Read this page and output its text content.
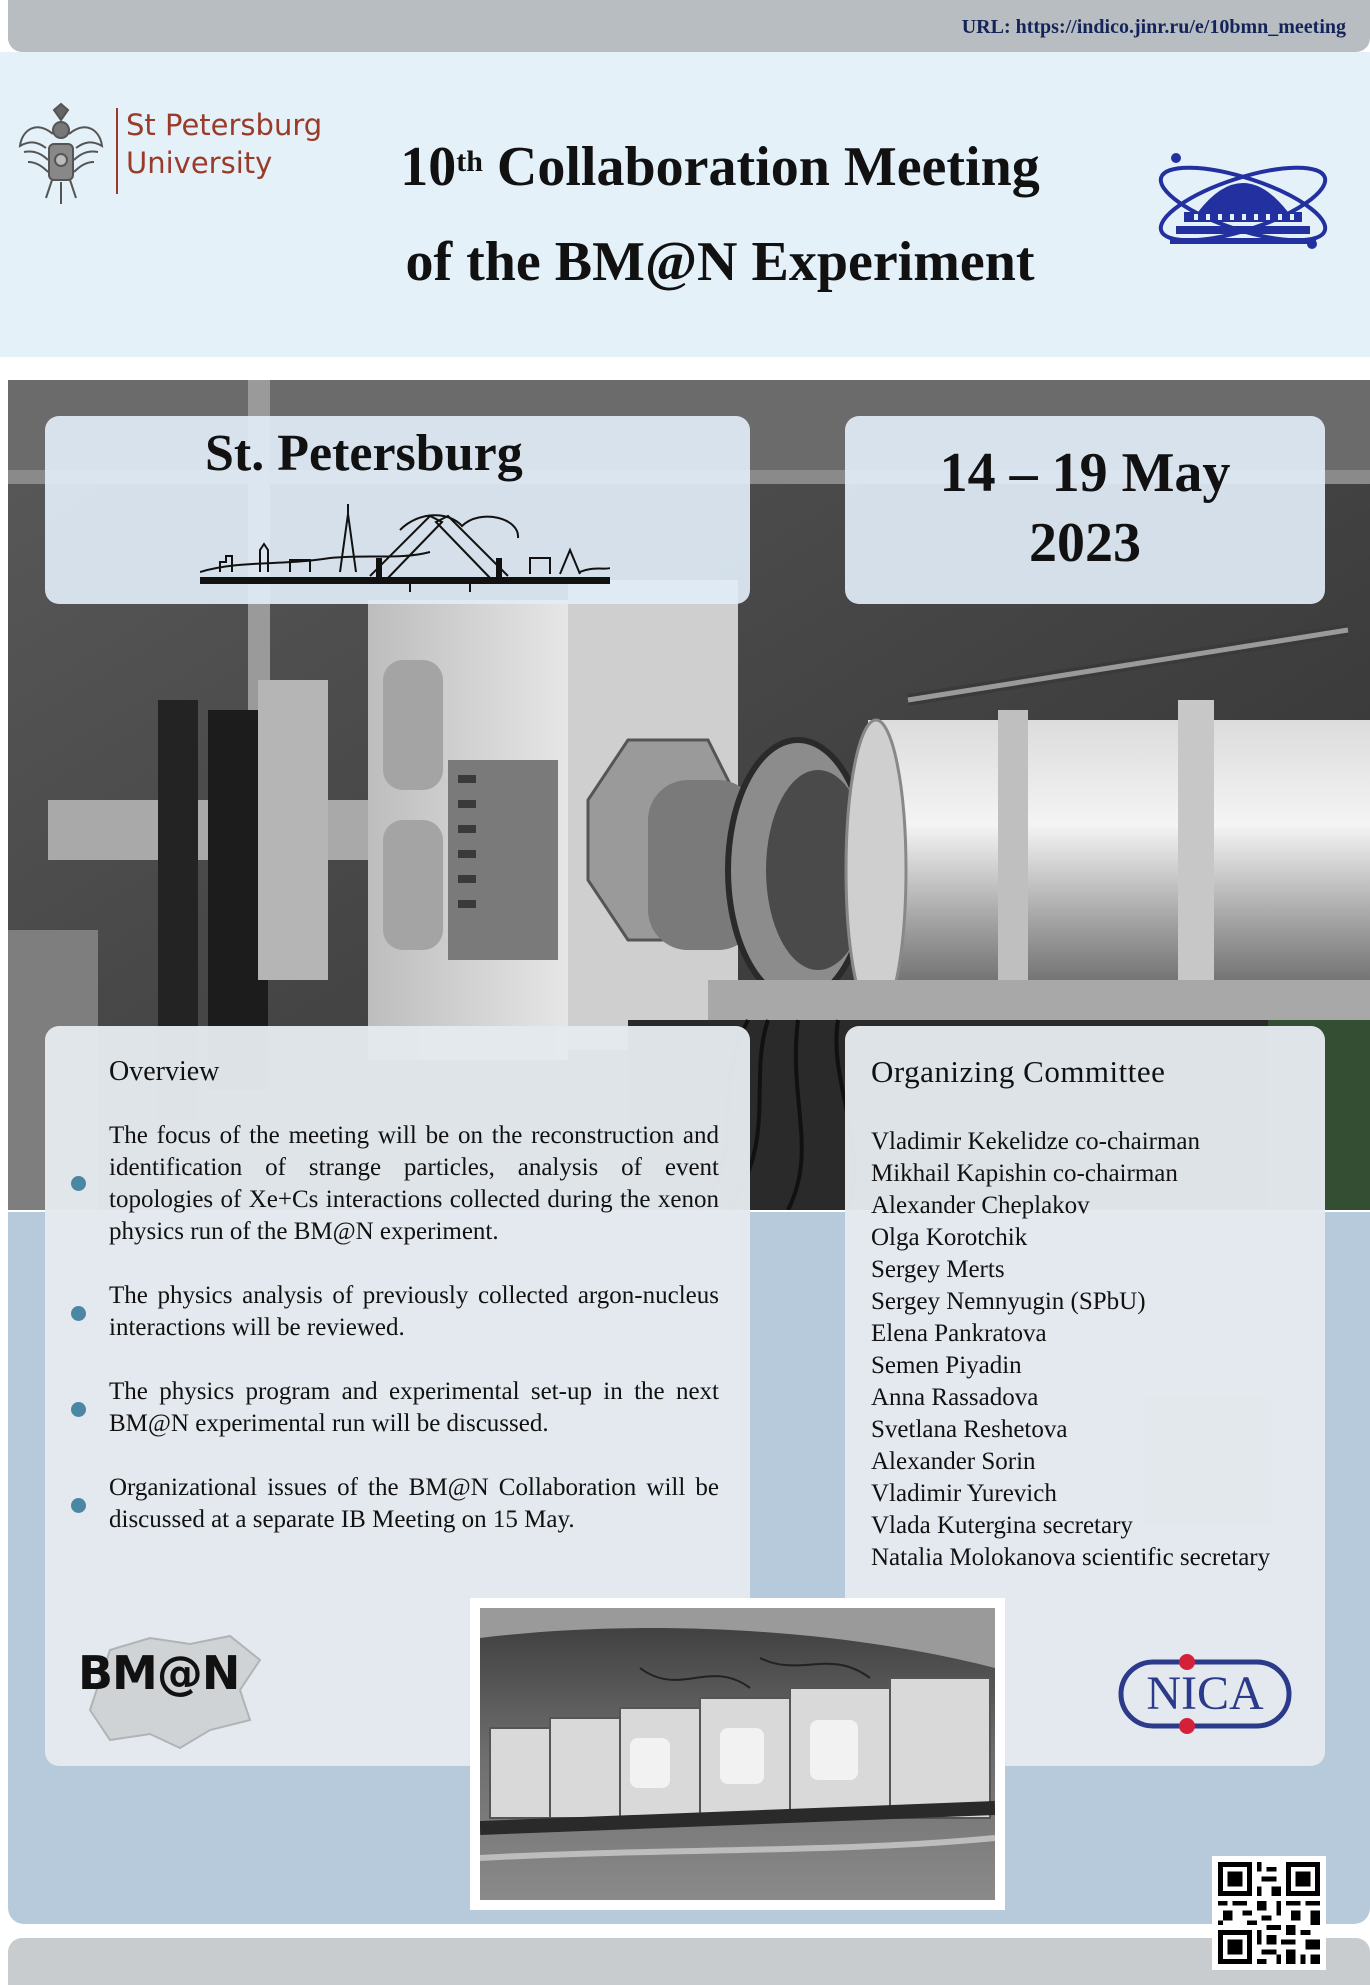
URL: https://indico.jinr.ru/e/10bmn_meeting
St Petersburg
University	10th Collaboration Meeting
of the BM@N Experiment
St. Petersburg	14 – 19 May
2023
Overview
The focus of the meeting will be on the reconstruction and identification of strange particles, analysis of event topologies of Xe+Cs interactions collected during the xenon physics run of the BM@N experiment.
The physics analysis of previously collected argon-nucleus interactions will be reviewed.
The physics program and experimental set-up in the next BM@N experimental run will be discussed.
Organizational issues of the BM@N Collaboration will be discussed at a separate IB Meeting on 15 May.
Organizing Committee
Vladimir Kekelidze co-chairman
Mikhail Kapishin co-chairman
Alexander Cheplakov
Olga Korotchik
Sergey Merts
Sergey Nemnyugin (SPbU)
Elena Pankratova
Semen Piyadin
Anna Rassadova
Svetlana Reshetova
Alexander Sorin
Vladimir Yurevich
Vlada Kutergina secretary
Natalia Molokanova scientific secretary
BM@N	NICA
